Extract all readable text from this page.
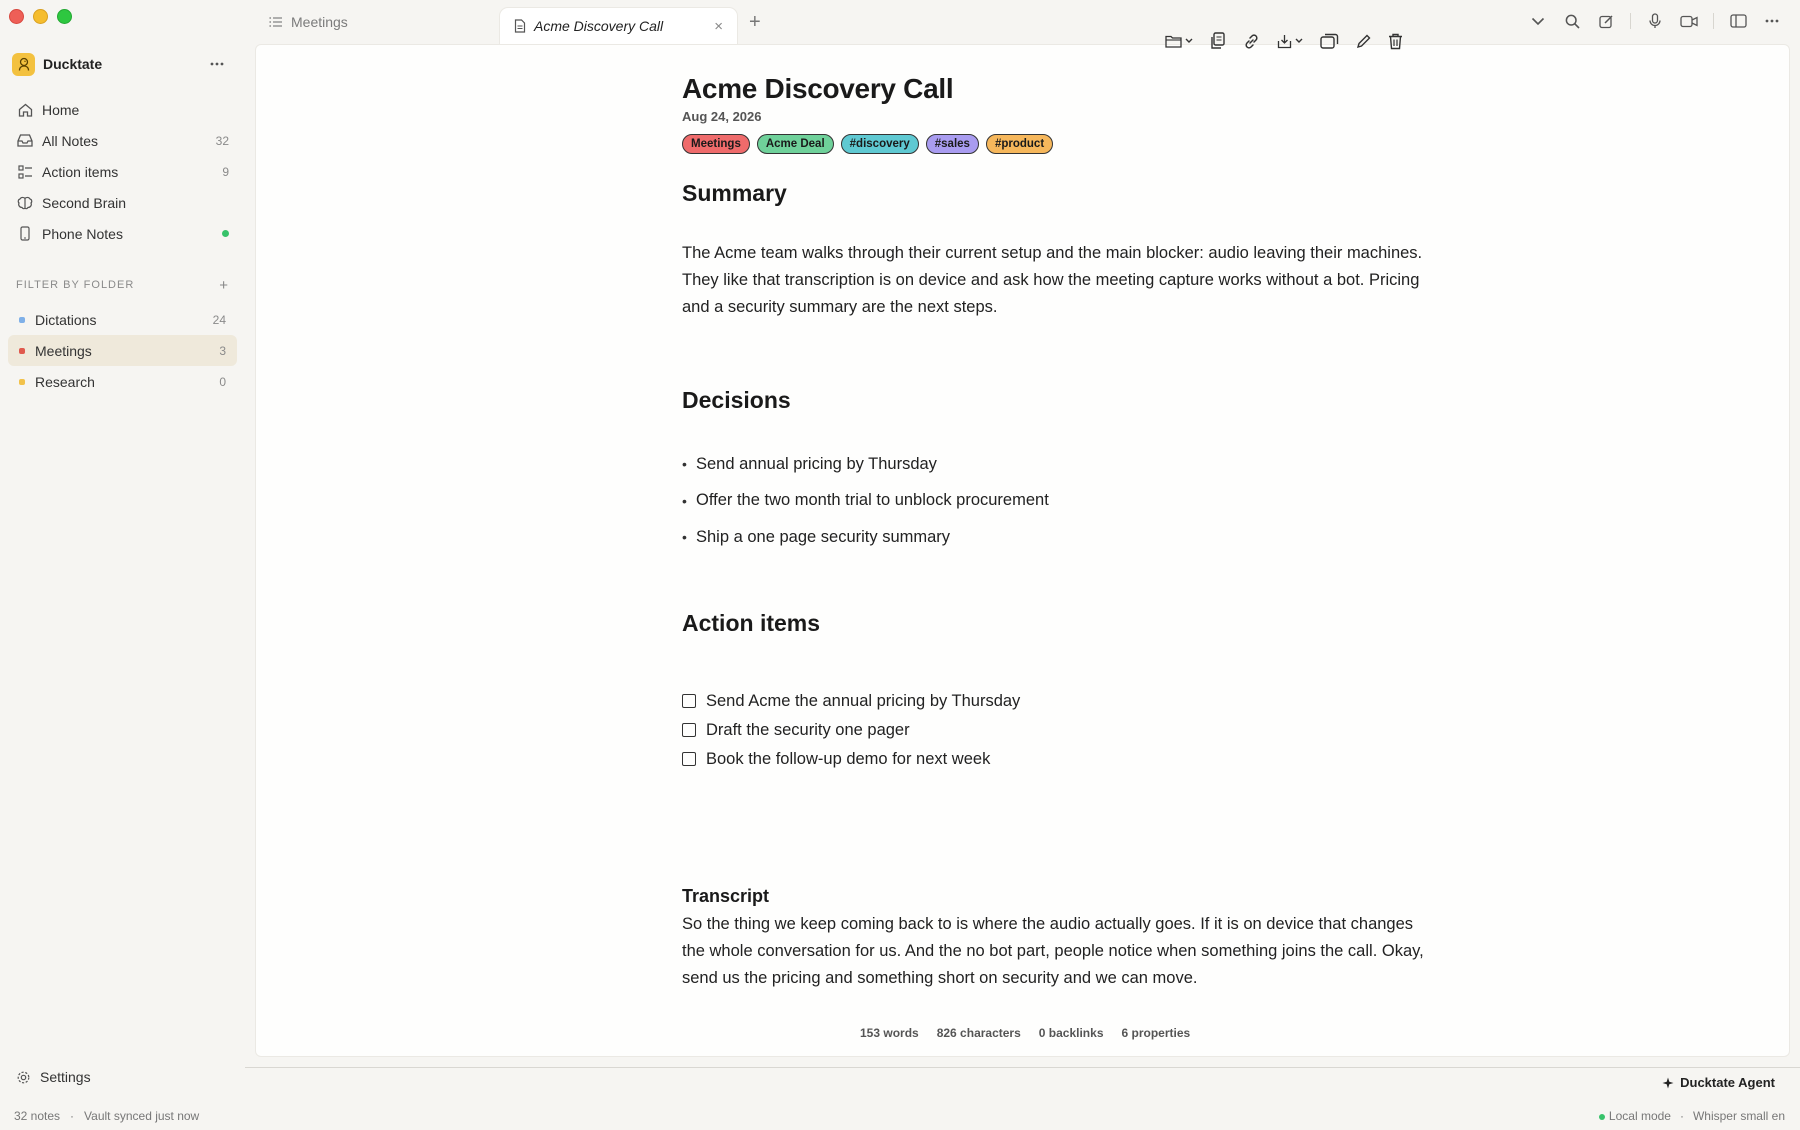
Meetings	Acme Discovery Call	× +
Ducktate
Home
All Notes	32
Action items	9
Second Brain
Phone Notes
FILTER BY FOLDER	+
Dictations	24
Meetings	3
Research	0
Settings
Acme Discovery Call
Aug 24, 2026
Meetings	Acme Deal	#discovery	#sales	#product
Summary

The Acme team walks through their current setup and the main blocker: audio leaving their machines. They like that transcription is on device and ask how the meeting capture works without a bot. Pricing and a security summary are the next steps.

Decisions
• Send annual pricing by Thursday
• Offer the two month trial to unblock procurement
• Ship a one page security summary
Action items
Send Acme the annual pricing by Thursday
Draft the security one pager
Book the follow-up demo for next week
Transcript

So the thing we keep coming back to is where the audio actually goes. If it is on device that changes the whole conversation for us. And the no bot part, people notice when something joins the call. Okay, send us the pricing and something short on security and we can move.

153 words 826 characters 0 backlinks 6 properties
Ducktate Agent
32 notes · Vault synced just now	Local mode · Whisper small en
